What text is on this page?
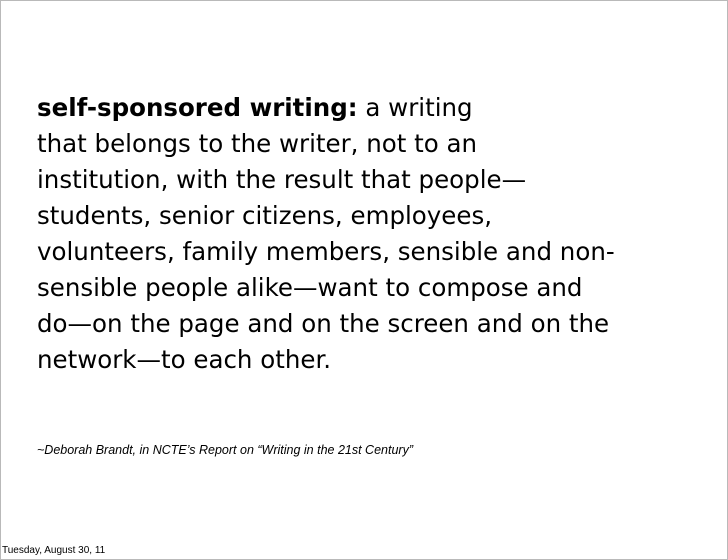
self-sponsored writing: a writing
that belongs to the writer, not to an
institution, with the result that people—
students, senior citizens, employees,
volunteers, family members, sensible and non-
sensible people alike—want to compose and
do—on the page and on the screen and on the
network—to each other.
~Deborah Brandt, in NCTE’s Report on “Writing in the 21st Century”
Tuesday, August 30, 11
